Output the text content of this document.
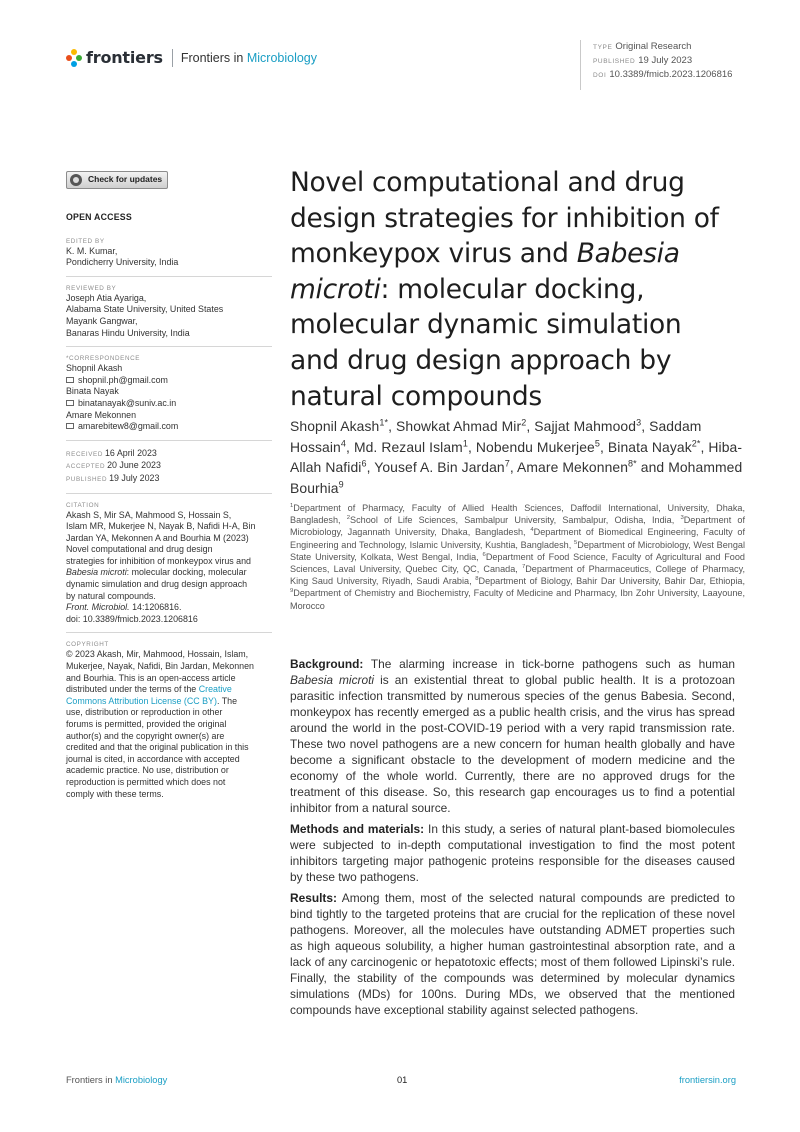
frontiers Frontiers in Microbiology
TYPE Original Research
PUBLISHED 19 July 2023
DOI 10.3389/fmicb.2023.1206816
Check for updates
OPEN ACCESS
EDITED BY
K. M. Kumar,
Pondicherry University, India
REVIEWED BY
Joseph Atia Ayariga,
Alabama State University, United States
Mayank Gangwar,
Banaras Hindu University, India
*CORRESPONDENCE
Shopnil Akash
shopnil.ph@gmail.com
Binata Nayak
binatanayak@suniv.ac.in
Amare Mekonnen
amarebitew8@gmail.com
RECEIVED 16 April 2023
ACCEPTED 20 June 2023
PUBLISHED 19 July 2023
CITATION
Akash S, Mir SA, Mahmood S, Hossain S,
Islam MR, Mukerjee N, Nayak B, Nafidi H-A, Bin
Jardan YA, Mekonnen A and Bourhia M (2023)
Novel computational and drug design
strategies for inhibition of monkeypox virus and
Babesia microti: molecular docking, molecular
dynamic simulation and drug design approach
by natural compounds.
Front. Microbiol. 14:1206816.
doi: 10.3389/fmicb.2023.1206816
COPYRIGHT
© 2023 Akash, Mir, Mahmood, Hossain, Islam,
Mukerjee, Nayak, Nafidi, Bin Jardan, Mekonnen
and Bourhia. This is an open-access article
distributed under the terms of the Creative
Commons Attribution License (CC BY). The
use, distribution or reproduction in other
forums is permitted, provided the original
author(s) and the copyright owner(s) are
credited and that the original publication in this
journal is cited, in accordance with accepted
academic practice. No use, distribution or
reproduction is permitted which does not
comply with these terms.
Novel computational and drug design strategies for inhibition of monkeypox virus and Babesia microti: molecular docking, molecular dynamic simulation and drug design approach by natural compounds
Shopnil Akash$^{1*}$, Showkat Ahmad Mir$^2$, Sajjat Mahmood$^3$, Saddam Hossain$^4$, Md. Rezaul Islam$^1$, Nobendu Mukerjee$^5$, Binata Nayak$^{2*}$, Hiba-Allah Nafidi$^6$, Yousef A. Bin Jardan$^7$, Amare Mekonnen$^{8*}$ and Mohammed Bourhia$^9$
$^1$Department of Pharmacy, Faculty of Allied Health Sciences, Daffodil International, University, Dhaka, Bangladesh, $^2$School of Life Sciences, Sambalpur University, Sambalpur, Odisha, India, $^3$Department of Microbiology, Jagannath University, Dhaka, Bangladesh, $^4$Department of Biomedical Engineering, Faculty of Engineering and Technology, Islamic University, Kushtia, Bangladesh, $^5$Department of Microbiology, West Bengal State University, Kolkata, West Bengal, India, $^6$Department of Food Science, Faculty of Agricultural and Food Sciences, Laval University, Quebec City, QC, Canada, $^7$Department of Pharmaceutics, College of Pharmacy, King Saud University, Riyadh, Saudi Arabia, $^8$Department of Biology, Bahir Dar University, Bahir Dar, Ethiopia, $^9$Department of Chemistry and Biochemistry, Faculty of Medicine and Pharmacy, Ibn Zohr University, Laayoune, Morocco

Background: The alarming increase in tick-borne pathogens such as human Babesia microti is an existential threat to global public health. It is a protozoan parasitic infection transmitted by numerous species of the genus Babesia. Second, monkeypox has recently emerged as a public health crisis, and the virus has spread around the world in the post-COVID-19 period with a very rapid transmission rate. These two novel pathogens are a new concern for human health globally and have become a significant obstacle to the development of modern medicine and the economy of the whole world. Currently, there are no approved drugs for the treatment of this disease. So, this research gap encourages us to find a potential inhibitor from a natural source.

Methods and materials: In this study, a series of natural plant-based biomolecules were subjected to in-depth computational investigation to find the most potent inhibitors targeting major pathogenic proteins responsible for the diseases caused by these two pathogens.

Results: Among them, most of the selected natural compounds are predicted to bind tightly to the targeted proteins that are crucial for the replication of these novel pathogens. Moreover, all the molecules have outstanding ADMET properties such as high aqueous solubility, a higher human gastrointestinal absorption rate, and a lack of any carcinogenic or hepatotoxic effects; most of them followed Lipinski’s rule. Finally, the stability of the compounds was determined by molecular dynamics simulations (MDs) for 100ns. During MDs, we observed that the mentioned compounds have exceptional stability against selected pathogens.

Frontiers in Microbiology	01	frontiersin.org
